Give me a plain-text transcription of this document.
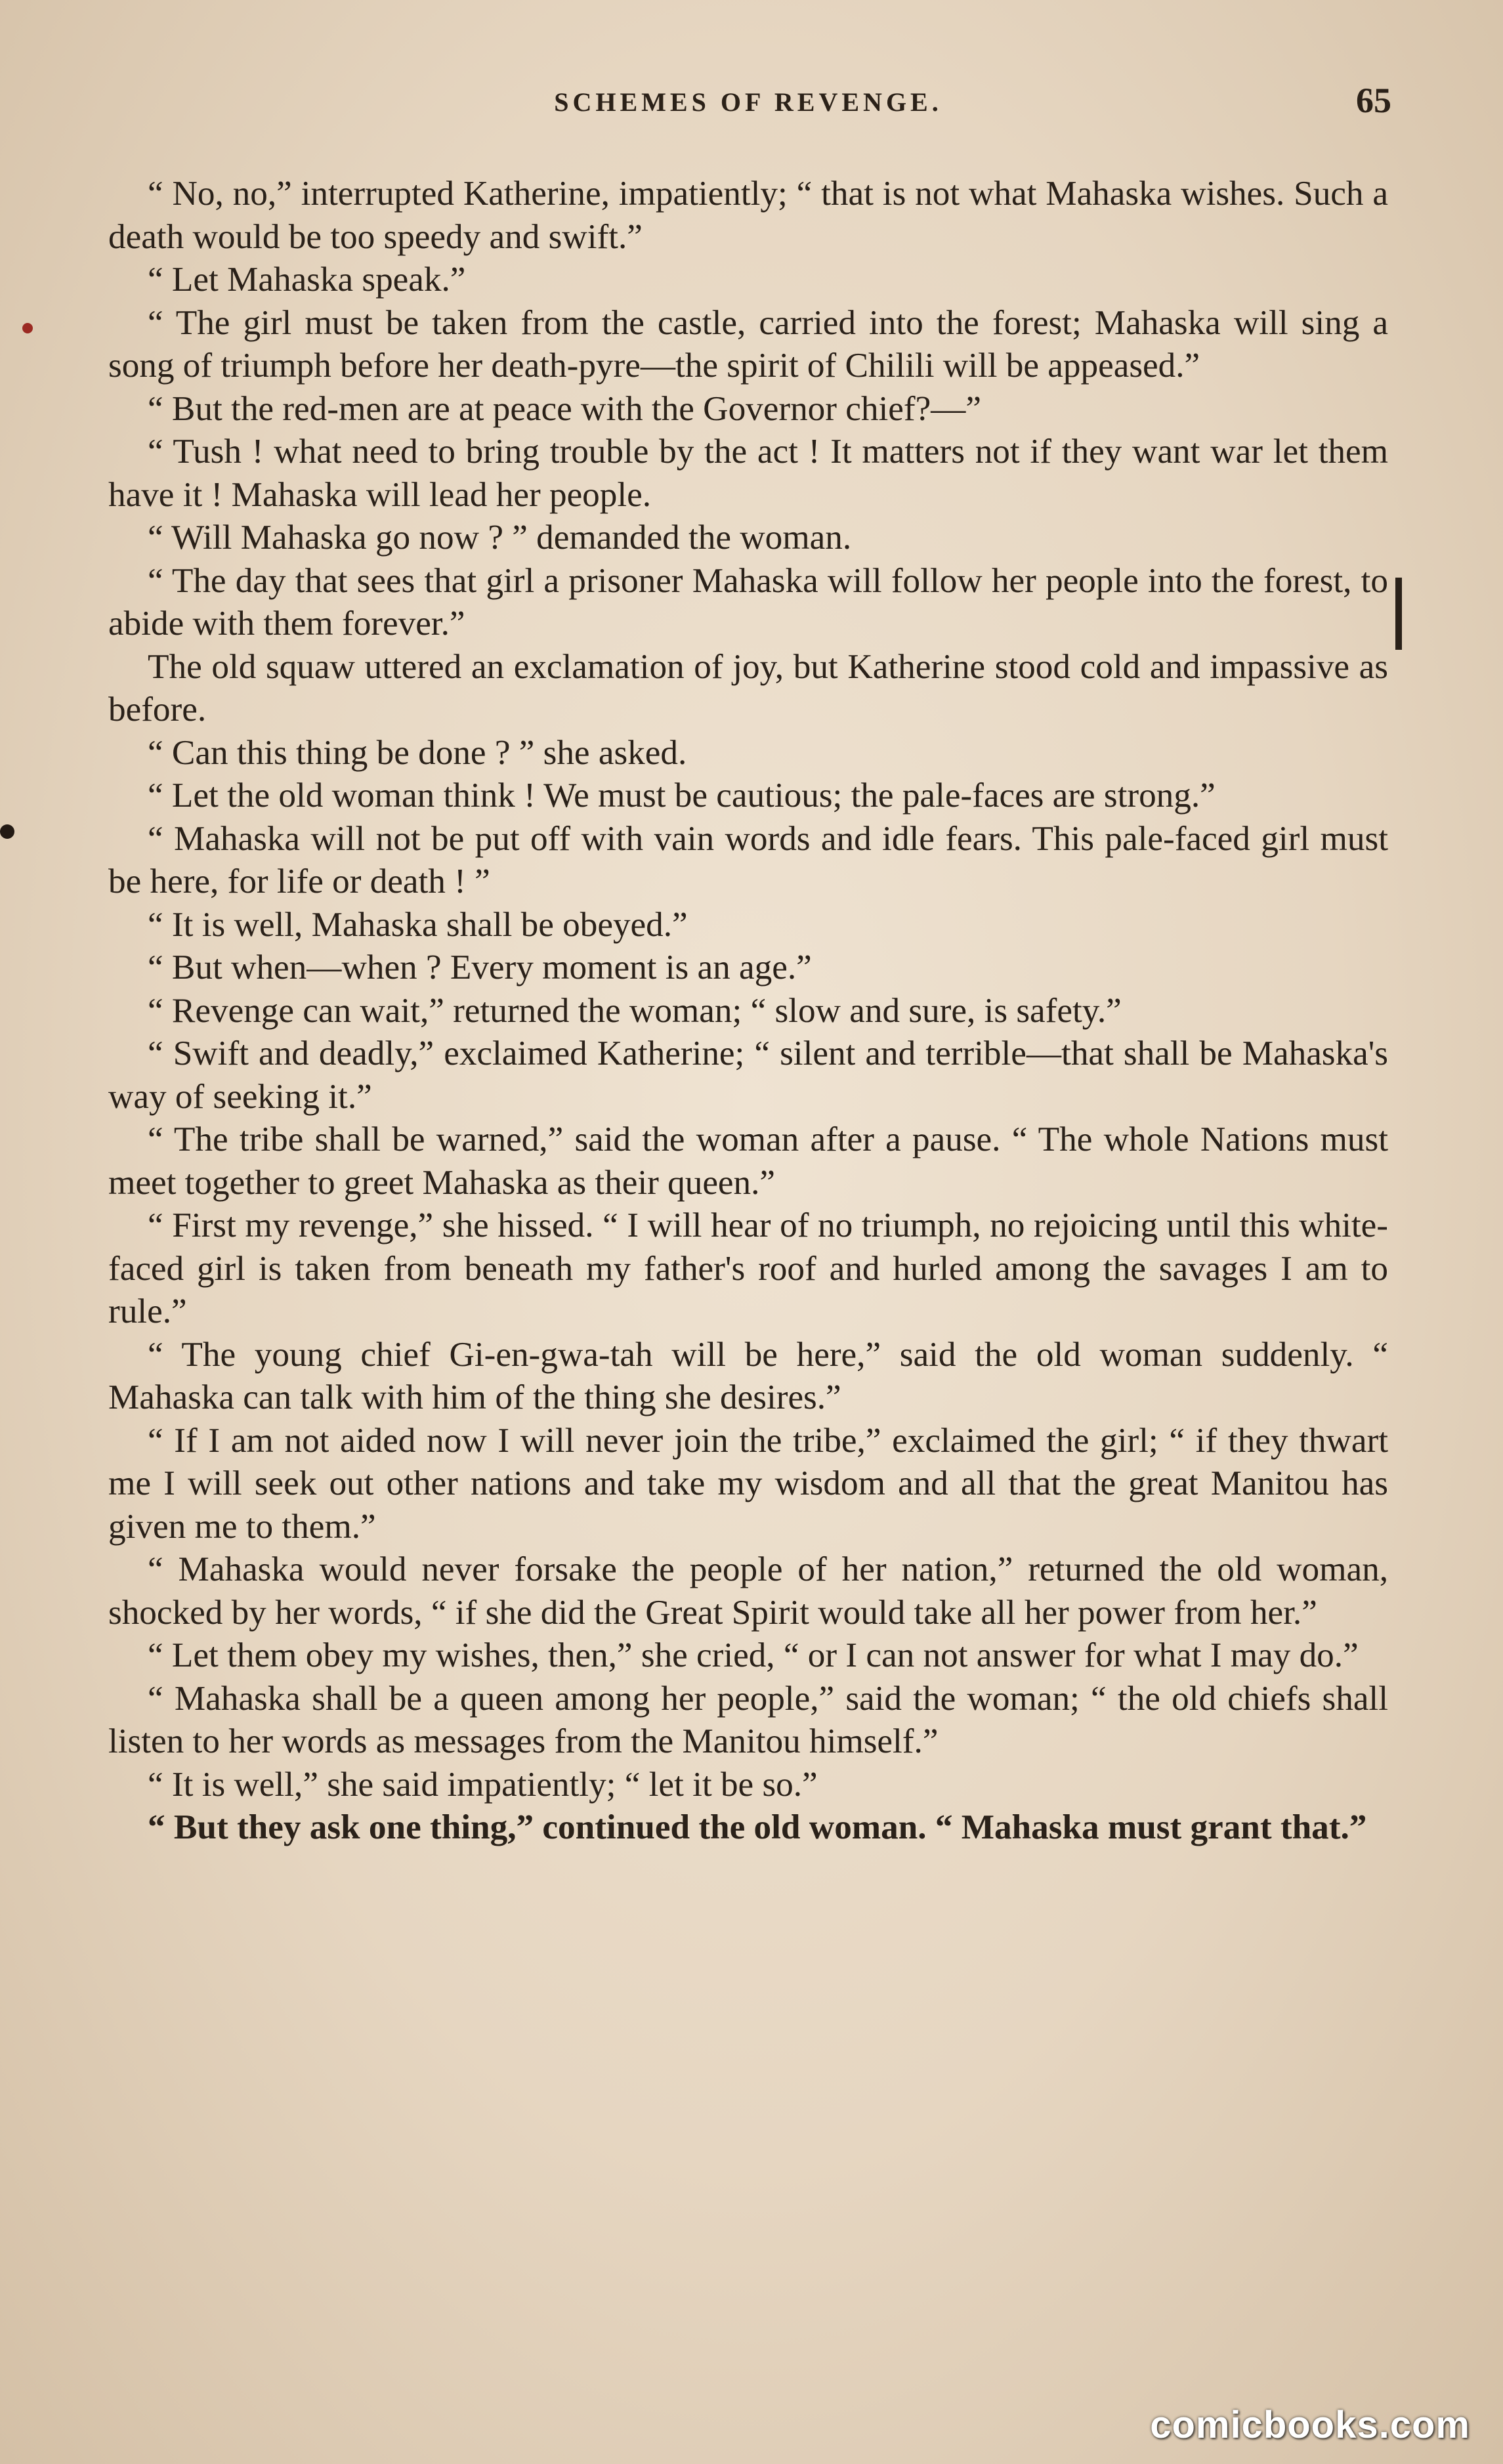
SCHEMES OF REVENGE.	65

“ No, no,” interrupted Katherine, impatiently; “ that is not what Mahaska wishes. Such a death would be too speedy and swift.”

“ Let Mahaska speak.”

“ The girl must be taken from the castle, carried into the forest; Mahaska will sing a song of triumph before her death-pyre—the spirit of Chilili will be appeased.”

“ But the red-men are at peace with the Governor chief?—”

“ Tush ! what need to bring trouble by the act ! It matters not if they want war let them have it ! Mahaska will lead her people.

“ Will Mahaska go now ? ” demanded the woman.

“ The day that sees that girl a prisoner Mahaska will follow her people into the forest, to abide with them forever.”

The old squaw uttered an exclamation of joy, but Katherine stood cold and impassive as before.

“ Can this thing be done ? ” she asked.

“ Let the old woman think ! We must be cautious; the pale-faces are strong.”

“ Mahaska will not be put off with vain words and idle fears. This pale-faced girl must be here, for life or death ! ”

“ It is well, Mahaska shall be obeyed.”

“ But when—when ? Every moment is an age.”

“ Revenge can wait,” returned the woman; “ slow and sure, is safety.”

“ Swift and deadly,” exclaimed Katherine; “ silent and terrible—that shall be Mahaska's way of seeking it.”

“ The tribe shall be warned,” said the woman after a pause. “ The whole Nations must meet together to greet Mahaska as their queen.”

“ First my revenge,” she hissed. “ I will hear of no triumph, no rejoicing until this white-faced girl is taken from beneath my father's roof and hurled among the savages I am to rule.”

“ The young chief Gi-en-gwa-tah will be here,” said the old woman suddenly. “ Mahaska can talk with him of the thing she desires.”

“ If I am not aided now I will never join the tribe,” exclaimed the girl; “ if they thwart me I will seek out other nations and take my wisdom and all that the great Manitou has given me to them.”

“ Mahaska would never forsake the people of her nation,” returned the old woman, shocked by her words, “ if she did the Great Spirit would take all her power from her.”

“ Let them obey my wishes, then,” she cried, “ or I can not answer for what I may do.”

“ Mahaska shall be a queen among her people,” said the woman; “ the old chiefs shall listen to her words as messages from the Manitou himself.”

“ It is well,” she said impatiently; “ let it be so.”

“ But they ask one thing,” continued the old woman. “ Mahaska must grant that.”

comicbooks.com
